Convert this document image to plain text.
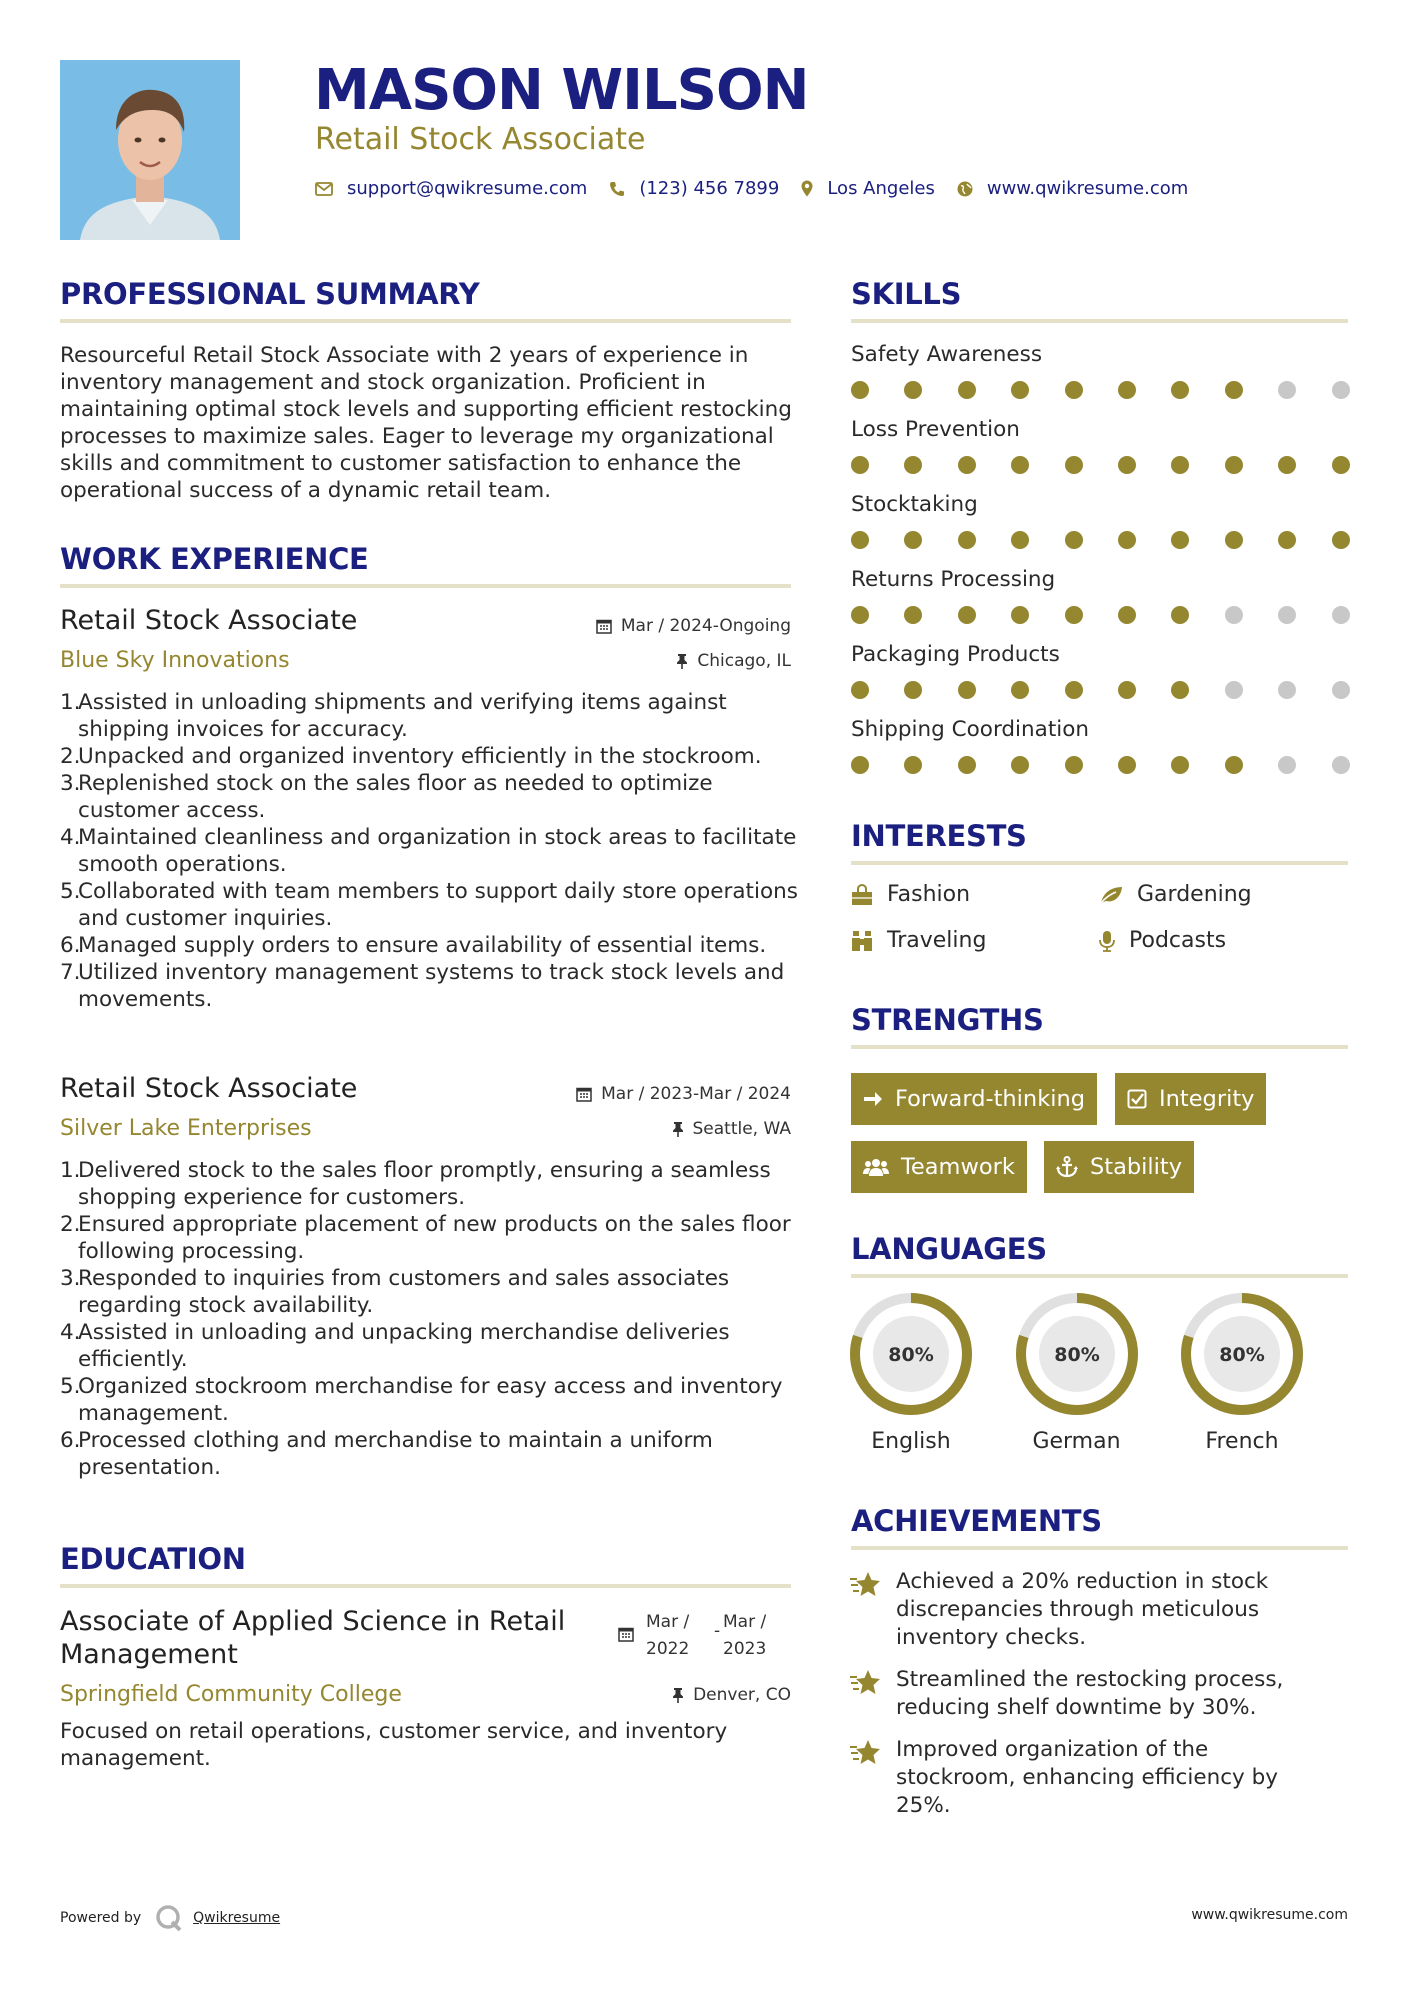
MASON WILSON
Retail Stock Associate
support@qwikresume.com	(123) 456 7899	Los Angeles	www.qwikresume.com
PROFESSIONAL SUMMARY
Resourceful Retail Stock Associate with 2 years of experience in inventory management and stock organization. Proficient in maintaining optimal stock levels and supporting efficient restocking processes to maximize sales. Eager to leverage my organizational skills and commitment to customer satisfaction to enhance the operational success of a dynamic retail team.
WORK EXPERIENCE
Retail Stock Associate	Mar / 2024-Ongoing
Blue Sky Innovations	Chicago, IL
1.
Assisted in unloading shipments and verifying items against shipping invoices for accuracy.
2.
Unpacked and organized inventory efficiently in the stockroom.
3.
Replenished stock on the sales floor as needed to optimize customer access.
4.
Maintained cleanliness and organization in stock areas to facilitate smooth operations.
5.
Collaborated with team members to support daily store operations and customer inquiries.
6.
Managed supply orders to ensure availability of essential items.
7.
Utilized inventory management systems to track stock levels and movements.
Retail Stock Associate	Mar / 2023-Mar / 2024
Silver Lake Enterprises	Seattle, WA
1.
Delivered stock to the sales floor promptly, ensuring a seamless shopping experience for customers.
2.
Ensured appropriate placement of new products on the sales floor following processing.
3.
Responded to inquiries from customers and sales associates regarding stock availability.
4.
Assisted in unloading and unpacking merchandise deliveries efficiently.
5.
Organized stockroom merchandise for easy access and inventory management.
6.
Processed clothing and merchandise to maintain a uniform presentation.
EDUCATION
Associate of Applied Science in Retail Management
Mar / 2022
- Mar / 2023
Springfield Community College	Denver, CO
Focused on retail operations, customer service, and inventory management.
SKILLS
Safety Awareness
Loss Prevention
Stocktaking
Returns Processing
Packaging Products
Shipping Coordination
INTERESTS
Fashion	Gardening
Traveling	Podcasts
STRENGTHS
Forward-thinking	Integrity
Teamwork	Stability
LANGUAGES
80%
English
80%
German
80%
French
ACHIEVEMENTS
Achieved a 20% reduction in stock discrepancies through meticulous inventory checks.
Streamlined the restocking process, reducing shelf downtime by 30%.
Improved organization of the stockroom, enhancing efficiency by 25%.
Powered by	Qwikresume	www.qwikresume.com
